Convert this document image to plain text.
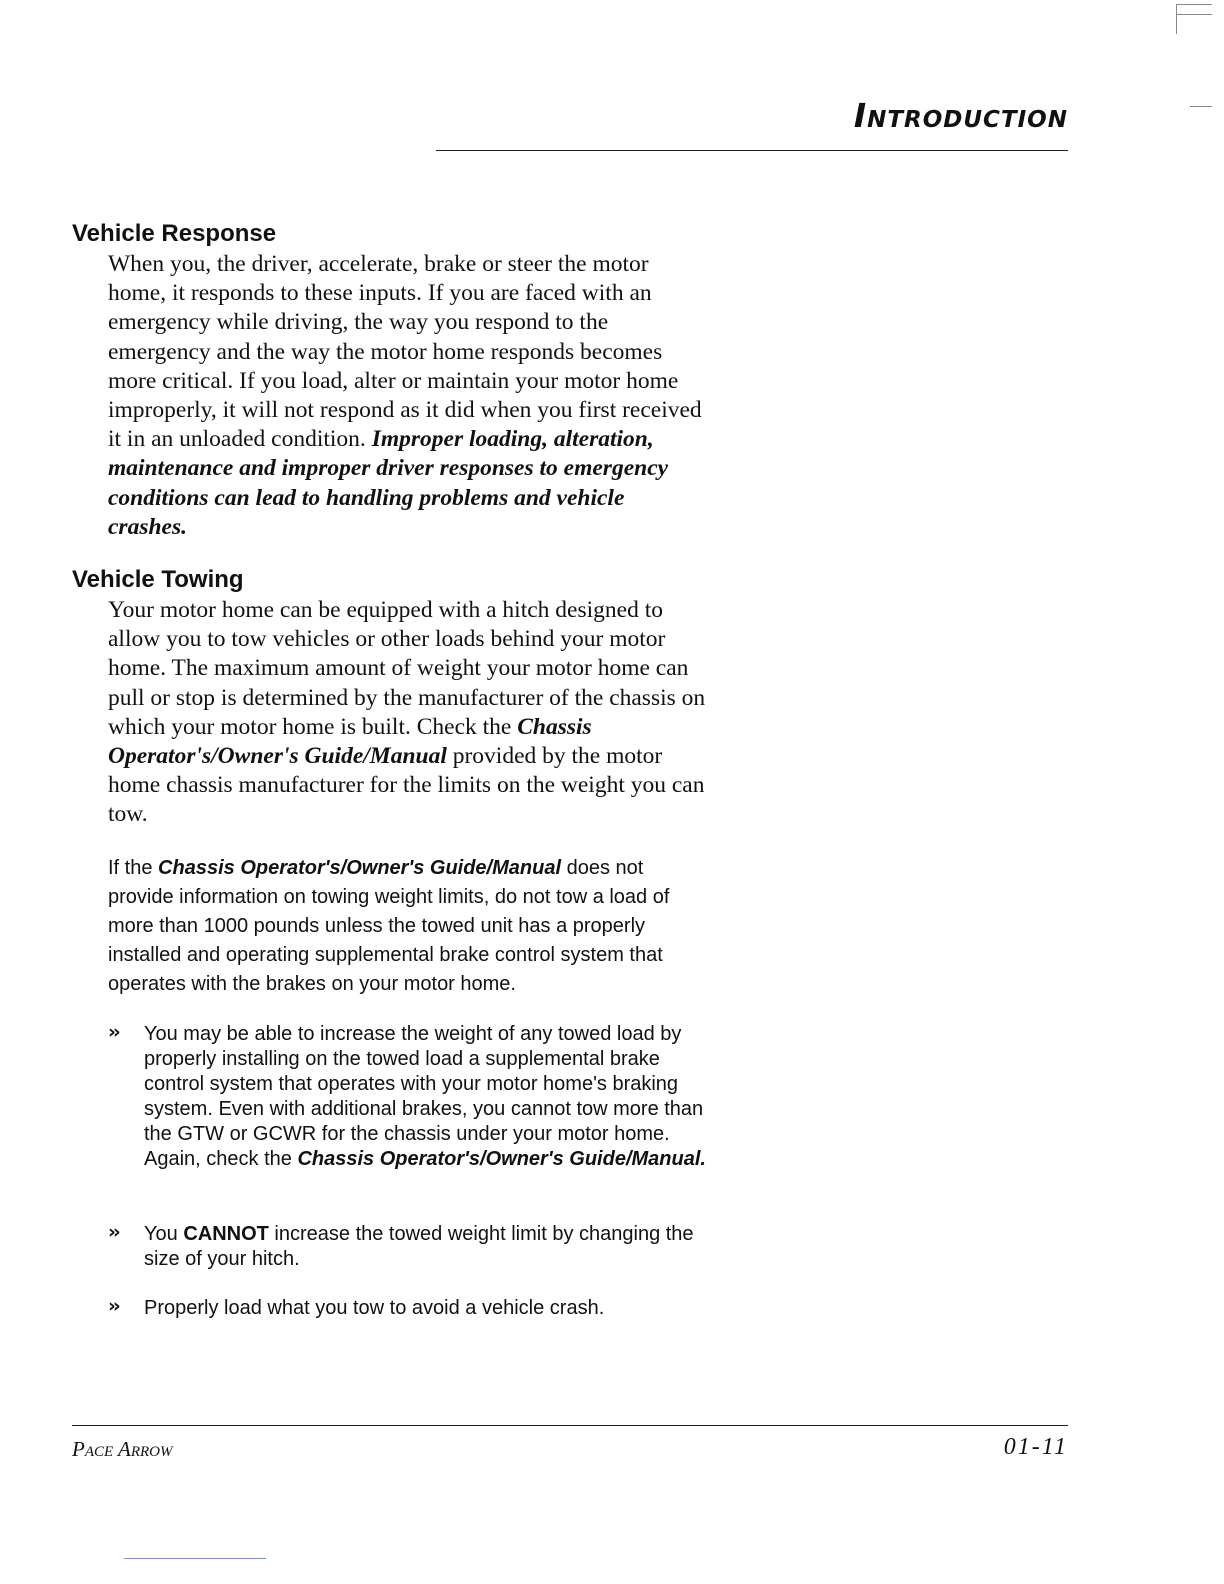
Introduction
Vehicle Response

When you, the driver, accelerate, brake or steer the motor home, it responds to these inputs. If you are faced with an emergency while driving, the way you respond to the emergency and the way the motor home responds becomes more critical. If you load, alter or maintain your motor home improperly, it will not respond as it did when you first received it in an unloaded condition. Improper loading, alteration, maintenance and improper driver responses to emergency conditions can lead to handling problems and vehicle crashes.

Vehicle Towing

Your motor home can be equipped with a hitch designed to allow you to tow vehicles or other loads behind your motor home. The maximum amount of weight your motor home can pull or stop is determined by the manufacturer of the chassis on which your motor home is built. Check the Chassis Operator's/Owner's Guide/Manual provided by the motor home chassis manufacturer for the limits on the weight you can tow.

If the Chassis Operator's/Owner's Guide/Manual does not provide information on towing weight limits, do not tow a load of more than 1000 pounds unless the towed unit has a properly installed and operating supplemental brake control system that operates with the brakes on your motor home.

›› You may be able to increase the weight of any towed load by properly installing on the towed load a supplemental brake control system that operates with your motor home's braking system. Even with additional brakes, you cannot tow more than the GTW or GCWR for the chassis under your motor home. Again, check the Chassis Operator's/Owner's Guide/Manual.
›› You CANNOT increase the towed weight limit by changing the size of your hitch.
›› Properly load what you tow to avoid a vehicle crash.

Pace Arrow	01-11
